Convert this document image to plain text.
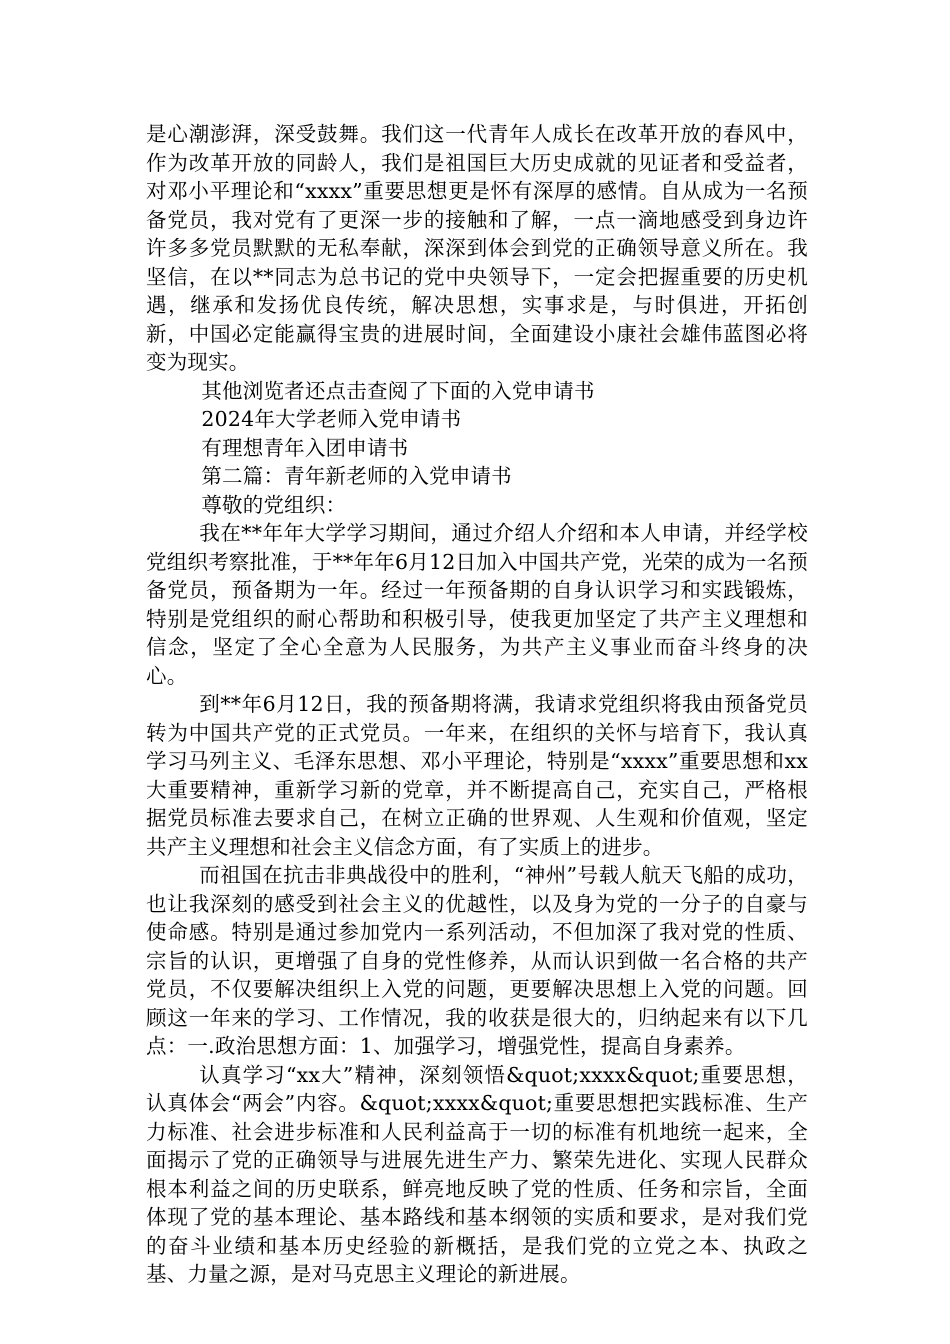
是心潮澎湃，深受鼓舞。我们这一代青年人成长在改革开放的春风中，作为改革开放的同龄人，我们是祖国巨大历史成就的见证者和受益者，对邓小平理论和“xxxx”重要思想更是怀有深厚的感情。自从成为一名预备党员，我对党有了更深一步的接触和了解，一点一滴地感受到身边许许多多党员默默的无私奉献，深深到体会到党的正确领导意义所在。我坚信，在以**同志为总书记的党中央领导下，一定会把握重要的历史机遇，继承和发扬优良传统，解决思想，实事求是，与时俱进，开拓创新，中国必定能赢得宝贵的进展时间，全面建设小康社会雄伟蓝图必将变为现实。

其他浏览者还点击查阅了下面的入党申请书

2024年大学老师入党申请书

有理想青年入团申请书

第二篇：青年新老师的入党申请书

尊敬的党组织：

我在**年年大学学习期间，通过介绍人介绍和本人申请，并经学校党组织考察批准，于**年年6月12日加入中国共产党，光荣的成为一名预备党员，预备期为一年。经过一年预备期的自身认识学习和实践锻炼，特别是党组织的耐心帮助和积极引导，使我更加坚定了共产主义理想和信念，坚定了全心全意为人民服务，为共产主义事业而奋斗终身的决心。

到**年6月12日，我的预备期将满，我请求党组织将我由预备党员转为中国共产党的正式党员。一年来，在组织的关怀与培育下，我认真学习马列主义、毛泽东思想、邓小平理论，特别是“xxxx”重要思想和xx大重要精神，重新学习新的党章，并不断提高自己，充实自己，严格根据党员标准去要求自己，在树立正确的世界观、人生观和价值观，坚定共产主义理想和社会主义信念方面，有了实质上的进步。

而祖国在抗击非典战役中的胜利，“神州”号载人航天飞船的成功，也让我深刻的感受到社会主义的优越性，以及身为党的一分子的自豪与使命感。特别是通过参加党内一系列活动，不但加深了我对党的性质、宗旨的认识，更增强了自身的党性修养，从而认识到做一名合格的共产党员，不仅要解决组织上入党的问题，更要解决思想上入党的问题。回顾这一年来的学习、工作情况，我的收获是很大的，归纳起来有以下几点：一.政治思想方面：1、加强学习，增强党性，提高自身素养。

认真学习“xx大”精神，深刻领悟&quot;xxxx&quot;重要思想，认真体会“两会”内容。&quot;xxxx&quot;重要思想把实践标准、生产力标准、社会进步标准和人民利益高于一切的标准有机地统一起来，全面揭示了党的正确领导与进展先进生产力、繁荣先进化、实现人民群众根本利益之间的历史联系，鲜亮地反映了党的性质、任务和宗旨，全面体现了党的基本理论、基本路线和基本纲领的实质和要求，是对我们党的奋斗业绩和基本历史经验的新概括，是我们党的立党之本、执政之基、力量之源，是对马克思主义理论的新进展。
